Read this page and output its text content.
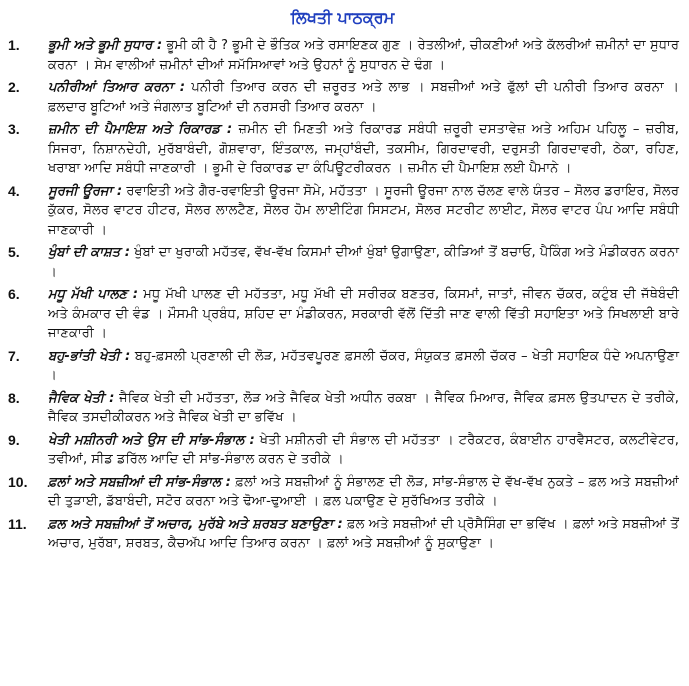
ਲਿਖਤੀ ਪਾਠਕ੍ਰਮ
1.	ਭੂਮੀ ਅਤੇ ਭੂਮੀ ਸੁਧਾਰ : ਭੂਮੀ ਕੀ ਹੈ ? ਭੂਮੀ ਦੇ ਭੌਤਿਕ ਅਤੇ ਰਸਾਇਣਕ ਗੁਣ । ਰੇਤਲੀਆਂ, ਚੀਕਣੀਆਂ ਅਤੇ ਕੱਲਰੀਆਂ ਜ਼ਮੀਨਾਂ ਦਾ ਸੁਧਾਰ ਕਰਨਾ । ਸੇਮ ਵਾਲੀਆਂ ਜ਼ਮੀਨਾਂ ਦੀਆਂ ਸਮੱਸਿਆਵਾਂ ਅਤੇ ਉਹਨਾਂ ਨੂੰ ਸੁਧਾਰਨ ਦੇ ਢੰਗ ।
2.	ਪਨੀਰੀਆਂ ਤਿਆਰ ਕਰਨਾ : ਪਨੀਰੀ ਤਿਆਰ ਕਰਨ ਦੀ ਜ਼ਰੂਰਤ ਅਤੇ ਲਾਭ । ਸਬਜ਼ੀਆਂ ਅਤੇ ਫੁੱਲਾਂ ਦੀ ਪਨੀਰੀ ਤਿਆਰ ਕਰਨਾ । ਫ਼ਲਦਾਰ ਬੂਟਿਆਂ ਅਤੇ ਜੰਗਲਾਤ ਬੂਟਿਆਂ ਦੀ ਨਰਸਰੀ ਤਿਆਰ ਕਰਨਾ ।
3.	ਜ਼ਮੀਨ ਦੀ ਪੈਮਾਇਸ਼ ਅਤੇ ਰਿਕਾਰਡ : ਜ਼ਮੀਨ ਦੀ ਮਿਣਤੀ ਅਤੇ ਰਿਕਾਰਡ ਸਬੰਧੀ ਜ਼ਰੂਰੀ ਦਸਤਾਵੇਜ਼ ਅਤੇ ਅਹਿਮ ਪਹਿਲੂ – ਜ਼ਰੀਬ, ਸਿਜਰਾ, ਨਿਸ਼ਾਨਦੇਹੀ, ਮੁਰੱਬਾਬੰਦੀ, ਗੋਸ਼ਵਾਰਾ, ਇੰਤਕਾਲ, ਜਮ੍ਹਾਂਬੰਦੀ, ਤਕਸੀਮ, ਗਿਰਦਾਵਰੀ, ਦਰੁਸਤੀ ਗਿਰਦਾਵਰੀ, ਠੇਕਾ, ਰਹਿਣ, ਖਰਾਬਾ ਆਦਿ ਸਬੰਧੀ ਜਾਣਕਾਰੀ । ਭੂਮੀ ਦੇ ਰਿਕਾਰਡ ਦਾ ਕੰਪਿਊਟਰੀਕਰਨ । ਜ਼ਮੀਨ ਦੀ ਪੈਮਾਇਸ਼ ਲਈ ਪੈਮਾਨੇ ।
4.	ਸੂਰਜੀ ਊਰਜਾ : ਰਵਾਇਤੀ ਅਤੇ ਗੈਰ-ਰਵਾਇਤੀ ਊਰਜਾ ਸੋਮੇ, ਮਹੱਤਤਾ । ਸੂਰਜੀ ਊਰਜਾ ਨਾਲ ਚੱਲਣ ਵਾਲੇ ਯੰਤਰ – ਸੋਲਰ ਡਰਾਇਰ, ਸੋਲਰ ਕੁੱਕਰ, ਸੋਲਰ ਵਾਟਰ ਹੀਟਰ, ਸੋਲਰ ਲਾਲਟੈਣ, ਸੋਲਰ ਹੋਮ ਲਾਈਟਿੰਗ ਸਿਸਟਮ, ਸੋਲਰ ਸਟਰੀਟ ਲਾਈਟ, ਸੋਲਰ ਵਾਟਰ ਪੰਪ ਆਦਿ ਸਬੰਧੀ ਜਾਣਕਾਰੀ ।
5.	ਖੁੰਬਾਂ ਦੀ ਕਾਸ਼ਤ : ਖੁੰਬਾਂ ਦਾ ਖੁਰਾਕੀ ਮਹੱਤਵ, ਵੱਖ-ਵੱਖ ਕਿਸਮਾਂ ਦੀਆਂ ਖੁੰਬਾਂ ਉਗਾਉਣਾ, ਕੀੜਿਆਂ ਤੋਂ ਬਚਾਓ, ਪੈਕਿੰਗ ਅਤੇ ਮੰਡੀਕਰਨ ਕਰਨਾ ।
6.	ਮਧੂ ਮੱਖੀ ਪਾਲਣ : ਮਧੂ ਮੱਖੀ ਪਾਲਣ ਦੀ ਮਹੱਤਤਾ, ਮਧੂ ਮੱਖੀ ਦੀ ਸਰੀਰਕ ਬਣਤਰ, ਕਿਸਮਾਂ, ਜਾਤਾਂ, ਜੀਵਨ ਚੱਕਰ, ਕਟੁੰਬ ਦੀ ਜੱਥੇਬੰਦੀ ਅਤੇ ਕੰਮਕਾਰ ਦੀ ਵੰਡ । ਮੌਸਮੀ ਪ੍ਰਬੰਧ, ਸ਼ਹਿਦ ਦਾ ਮੰਡੀਕਰਨ, ਸਰਕਾਰੀ ਵੱਲੋਂ ਦਿੱਤੀ ਜਾਣ ਵਾਲੀ ਵਿੱਤੀ ਸਹਾਇਤਾ ਅਤੇ ਸਿਖਲਾਈ ਬਾਰੇ ਜਾਣਕਾਰੀ ।
7.	ਬਹੁ-ਭਾਂਤੀ ਖੇਤੀ : ਬਹੁ-ਫ਼ਸਲੀ ਪ੍ਰਣਾਲੀ ਦੀ ਲੋੜ, ਮਹੱਤਵਪੂਰਣ ਫ਼ਸਲੀ ਚੱਕਰ, ਸੰਯੁਕਤ ਫ਼ਸਲੀ ਚੱਕਰ – ਖੇਤੀ ਸਹਾਇਕ ਧੰਦੇ ਅਪਨਾਉਣਾ ।
8.	ਜੈਵਿਕ ਖੇਤੀ : ਜੈਵਿਕ ਖੇਤੀ ਦੀ ਮਹੱਤਤਾ, ਲੋੜ ਅਤੇ ਜੈਵਿਕ ਖੇਤੀ ਅਧੀਨ ਰਕਬਾ । ਜੈਵਿਕ ਮਿਆਰ, ਜੈਵਿਕ ਫ਼ਸਲ ਉਤਪਾਦਨ ਦੇ ਤਰੀਕੇ, ਜੈਵਿਕ ਤਸਦੀਕੀਕਰਨ ਅਤੇ ਜੈਵਿਕ ਖੇਤੀ ਦਾ ਭਵਿੱਖ ।
9.	ਖੇਤੀ ਮਸ਼ੀਨਰੀ ਅਤੇ ਉਸ ਦੀ ਸਾਂਭ-ਸੰਭਾਲ : ਖੇਤੀ ਮਸ਼ੀਨਰੀ ਦੀ ਸੰਭਾਲ ਦੀ ਮਹੱਤਤਾ । ਟਰੈਕਟਰ, ਕੰਬਾਈਨ ਹਾਰਵੈਸਟਰ, ਕਲਟੀਵੇਟਰ, ਤਵੀਆਂ, ਸੀਡ ਡਰਿੱਲ ਆਦਿ ਦੀ ਸਾਂਭ-ਸੰਭਾਲ ਕਰਨ ਦੇ ਤਰੀਕੇ ।
10.	ਫ਼ਲਾਂ ਅਤੇ ਸਬਜ਼ੀਆਂ ਦੀ ਸਾਂਭ-ਸੰਭਾਲ : ਫ਼ਲਾਂ ਅਤੇ ਸਬਜ਼ੀਆਂ ਨੂੰ ਸੰਭਾਲਣ ਦੀ ਲੋੜ, ਸਾਂਭ-ਸੰਭਾਲ ਦੇ ਵੱਖ-ਵੱਖ ਨੁਕਤੇ – ਫ਼ਲ ਅਤੇ ਸਬਜ਼ੀਆਂ ਦੀ ਤੁੜਾਈ, ਡੱਬਾਬੰਦੀ, ਸਟੋਰ ਕਰਨਾ ਅਤੇ ਢੋਆ-ਢੁਆਈ । ਫ਼ਲ ਪਕਾਉਣ ਦੇ ਸੁਰੱਖਿਅਤ ਤਰੀਕੇ ।
11.	ਫ਼ਲ ਅਤੇ ਸਬਜ਼ੀਆਂ ਤੋਂ ਅਚਾਰ, ਮੁਰੱਬੇ ਅਤੇ ਸ਼ਰਬਤ ਬਣਾਉਣਾ : ਫ਼ਲ ਅਤੇ ਸਬਜ਼ੀਆਂ ਦੀ ਪ੍ਰੋਸੈਸਿੰਗ ਦਾ ਭਵਿੱਖ । ਫ਼ਲਾਂ ਅਤੇ ਸਬਜ਼ੀਆਂ ਤੋਂ ਅਚਾਰ, ਮੁਰੱਬਾ, ਸ਼ਰਬਤ, ਕੈਚਅੱਪ ਆਦਿ ਤਿਆਰ ਕਰਨਾ । ਫ਼ਲਾਂ ਅਤੇ ਸਬਜ਼ੀਆਂ ਨੂੰ ਸੁਕਾਉਣਾ ।
